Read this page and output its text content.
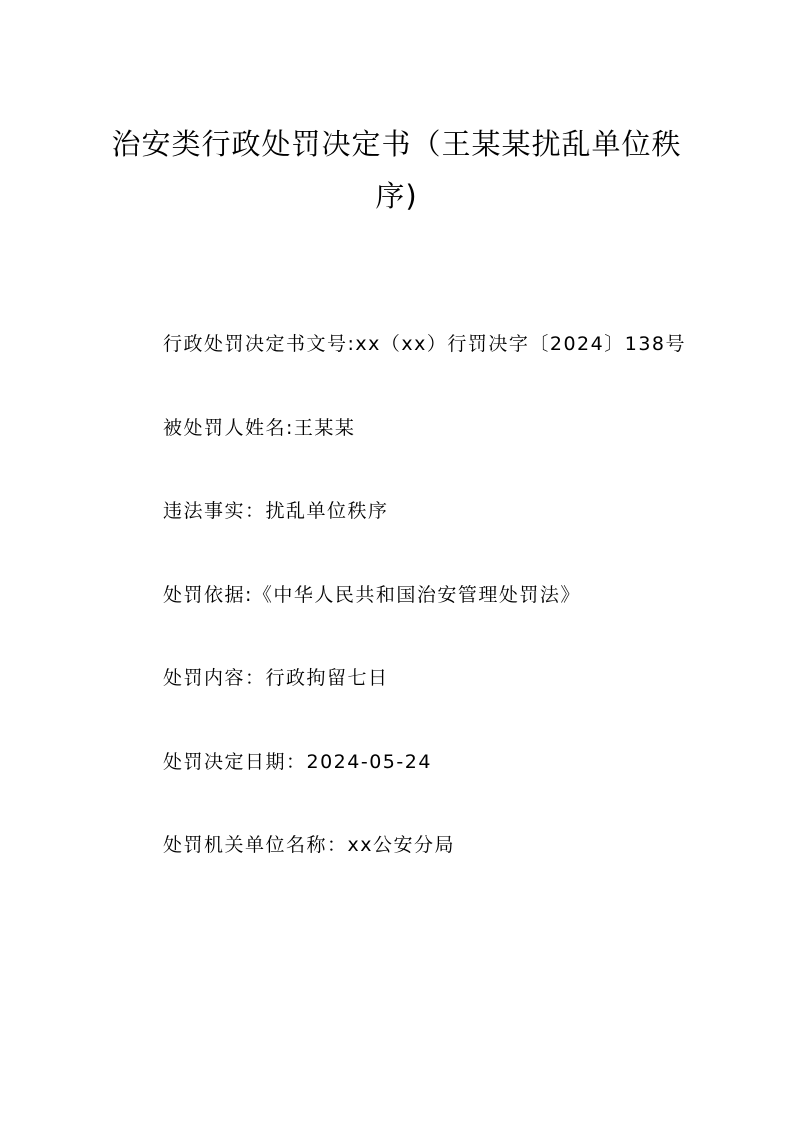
治安类行政处罚决定书（王某某扰乱单位秩
序)
行政处罚决定书文号:xx（xx）行罚决字〔2024〕138号
被处罚人姓名:王某某
违法事实：扰乱单位秩序
处罚依据:《中华人民共和国治安管理处罚法》
处罚内容：行政拘留七日
处罚决定日期：2024-05-24
处罚机关单位名称：xx公安分局
